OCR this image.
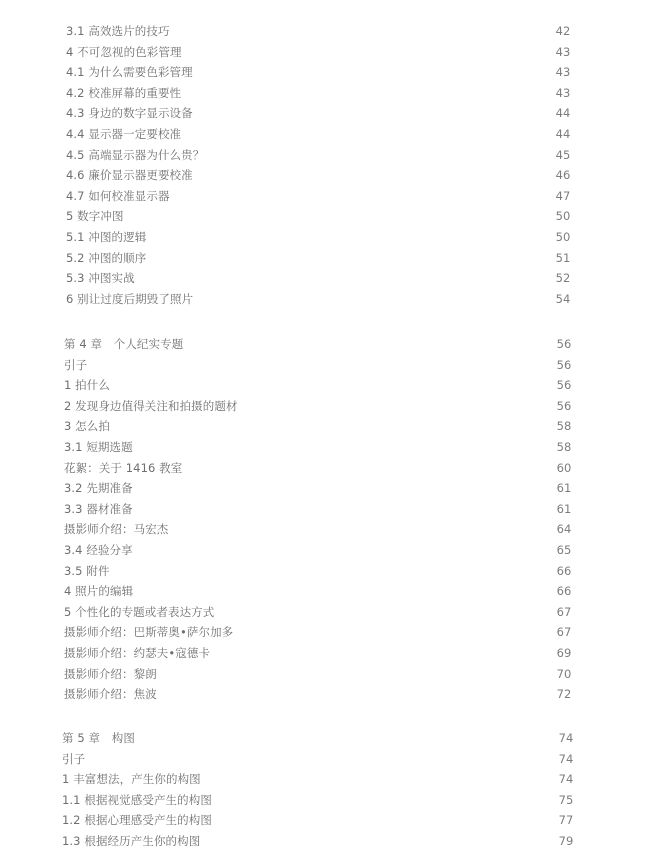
3.1 高效选片的技巧	42
4 不可忽视的色彩管理	43
4.1 为什么需要色彩管理	43
4.2 校准屏幕的重要性	43
4.3 身边的数字显示设备	44
4.4 显示器一定要校准	44
4.5 高端显示器为什么贵？	45
4.6 廉价显示器更要校准	46
4.7 如何校准显示器	47
5 数字冲图	50
5.1 冲图的逻辑	50
5.2 冲图的顺序	51
5.3 冲图实战	52
6 别让过度后期毁了照片	54
第 4 章　个人纪实专题	56
引子	56
1 拍什么	56
2 发现身边值得关注和拍摄的题材	56
3 怎么拍	58
3.1 短期选题	58
花絮：关于 1416 教室	60
3.2 先期准备	61
3.3 器材准备	61
摄影师介绍：马宏杰	64
3.4 经验分享	65
3.5 附件	66
4 照片的编辑	66
5 个性化的专题或者表达方式	67
摄影师介绍：巴斯蒂奥•萨尔加多	67
摄影师介绍：约瑟夫•寇德卡	69
摄影师介绍：黎朗	70
摄影师介绍：焦波	72
第 5 章　构图	74
引子	74
1 丰富想法，产生你的构图	74
1.1 根据视觉感受产生的构图	75
1.2 根据心理感受产生的构图	77
1.3 根据经历产生你的构图	79
